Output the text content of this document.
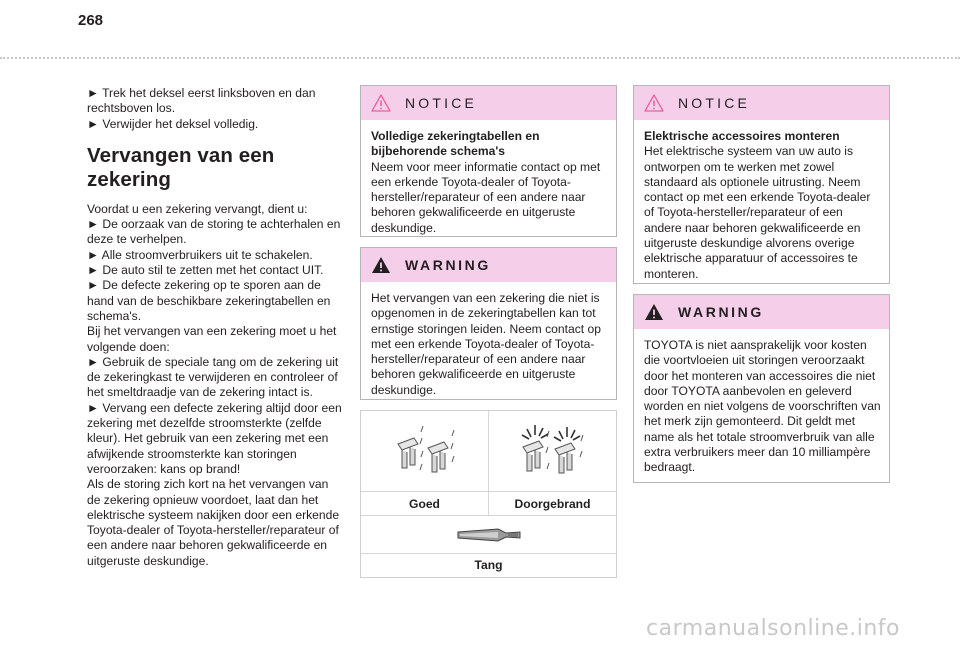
268

► Trek het deksel eerst linksboven en dan rechtsboven los.

► Verwijder het deksel volledig.

Vervangen van een zekering

Voordat u een zekering vervangt, dient u:

► De oorzaak van de storing te achterhalen en deze te verhelpen.

► Alle stroomverbruikers uit te schakelen.

► De auto stil te zetten met het contact UIT.

► De defecte zekering op te sporen aan de hand van de beschikbare zekeringtabellen en schema's.

Bij het vervangen van een zekering moet u het volgende doen:

► Gebruik de speciale tang om de zekering uit de zekeringkast te verwijderen en controleer of het smeltdraadje van de zekering intact is.

► Vervang een defecte zekering altijd door een zekering met dezelfde stroomsterkte (zelfde kleur). Het gebruik van een zekering met een afwijkende stroomsterkte kan storingen veroorzaken: kans op brand!

Als de storing zich kort na het vervangen van de zekering opnieuw voordoet, laat dan het elektrische systeem nakijken door een erkende Toyota-dealer of Toyota-hersteller/reparateur of een andere naar behoren gekwalificeerde en uitgeruste deskundige.

NOTICE
Volledige zekeringtabellen en bijbehorende schema's
Neem voor meer informatie contact op met een erkende Toyota-dealer of Toyota-hersteller/reparateur of een andere naar behoren gekwalificeerde en uitgeruste deskundige.
WARNING
Het vervangen van een zekering die niet is opgenomen in de zekeringtabellen kan tot ernstige storingen leiden. Neem contact op met een erkende Toyota-dealer of Toyota-hersteller/reparateur of een andere naar behoren gekwalificeerde en uitgeruste deskundige.
Goed	Doorgebrand
Tang
NOTICE
Elektrische accessoires monteren
Het elektrische systeem van uw auto is ontworpen om te werken met zowel standaard als optionele uitrusting. Neem contact op met een erkende Toyota-dealer of Toyota-hersteller/reparateur of een andere naar behoren gekwalificeerde en uitgeruste deskundige alvorens overige elektrische apparatuur of accessoires te monteren.
WARNING
TOYOTA is niet aansprakelijk voor kosten die voortvloeien uit storingen veroorzaakt door het monteren van accessoires die niet door TOYOTA aanbevolen en geleverd worden en niet volgens de voorschriften van het merk zijn gemonteerd. Dit geldt met name als het totale stroomverbruik van alle extra verbruikers meer dan 10 milliampère bedraagt.
carmanualsonline.info
